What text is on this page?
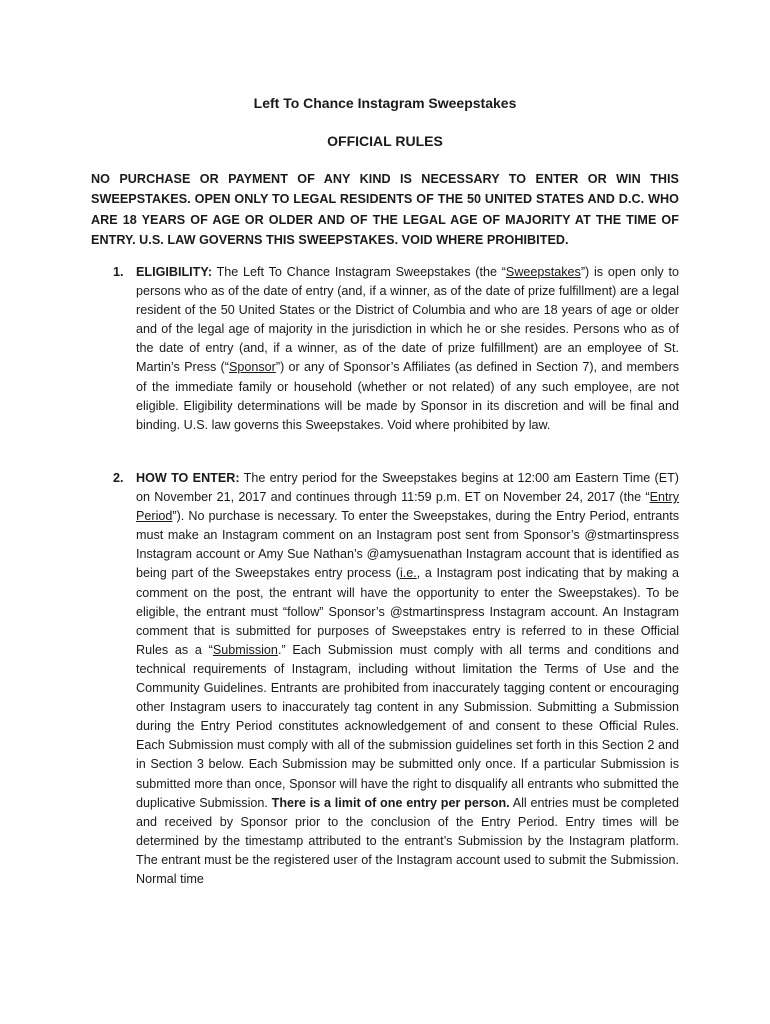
Left To Chance Instagram Sweepstakes
OFFICIAL RULES
NO PURCHASE OR PAYMENT OF ANY KIND IS NECESSARY TO ENTER OR WIN THIS SWEEPSTAKES. OPEN ONLY TO LEGAL RESIDENTS OF THE 50 UNITED STATES AND D.C. WHO ARE 18 YEARS OF AGE OR OLDER AND OF THE LEGAL AGE OF MAJORITY AT THE TIME OF ENTRY. U.S. LAW GOVERNS THIS SWEEPSTAKES. VOID WHERE PROHIBITED.
1. ELIGIBILITY: The Left To Chance Instagram Sweepstakes (the “Sweepstakes”) is open only to persons who as of the date of entry (and, if a winner, as of the date of prize fulfillment) are a legal resident of the 50 United States or the District of Columbia and who are 18 years of age or older and of the legal age of majority in the jurisdiction in which he or she resides. Persons who as of the date of entry (and, if a winner, as of the date of prize fulfillment) are an employee of St. Martin’s Press (“Sponsor”) or any of Sponsor’s Affiliates (as defined in Section 7), and members of the immediate family or household (whether or not related) of any such employee, are not eligible. Eligibility determinations will be made by Sponsor in its discretion and will be final and binding. U.S. law governs this Sweepstakes. Void where prohibited by law.
2. HOW TO ENTER: The entry period for the Sweepstakes begins at 12:00 am Eastern Time (ET) on November 21, 2017 and continues through 11:59 p.m. ET on November 24, 2017 (the “Entry Period”). No purchase is necessary. To enter the Sweepstakes, during the Entry Period, entrants must make an Instagram comment on an Instagram post sent from Sponsor’s @stmartinspress Instagram account or Amy Sue Nathan’s @amysuenathan Instagram account that is identified as being part of the Sweepstakes entry process (i.e., a Instagram post indicating that by making a comment on the post, the entrant will have the opportunity to enter the Sweepstakes). To be eligible, the entrant must “follow” Sponsor’s @stmartinspress Instagram account. An Instagram comment that is submitted for purposes of Sweepstakes entry is referred to in these Official Rules as a “Submission.” Each Submission must comply with all terms and conditions and technical requirements of Instagram, including without limitation the Terms of Use and the Community Guidelines. Entrants are prohibited from inaccurately tagging content or encouraging other Instagram users to inaccurately tag content in any Submission. Submitting a Submission during the Entry Period constitutes acknowledgement of and consent to these Official Rules. Each Submission must comply with all of the submission guidelines set forth in this Section 2 and in Section 3 below. Each Submission may be submitted only once. If a particular Submission is submitted more than once, Sponsor will have the right to disqualify all entrants who submitted the duplicative Submission. There is a limit of one entry per person. All entries must be completed and received by Sponsor prior to the conclusion of the Entry Period. Entry times will be determined by the timestamp attributed to the entrant’s Submission by the Instagram platform. The entrant must be the registered user of the Instagram account used to submit the Submission. Normal time
